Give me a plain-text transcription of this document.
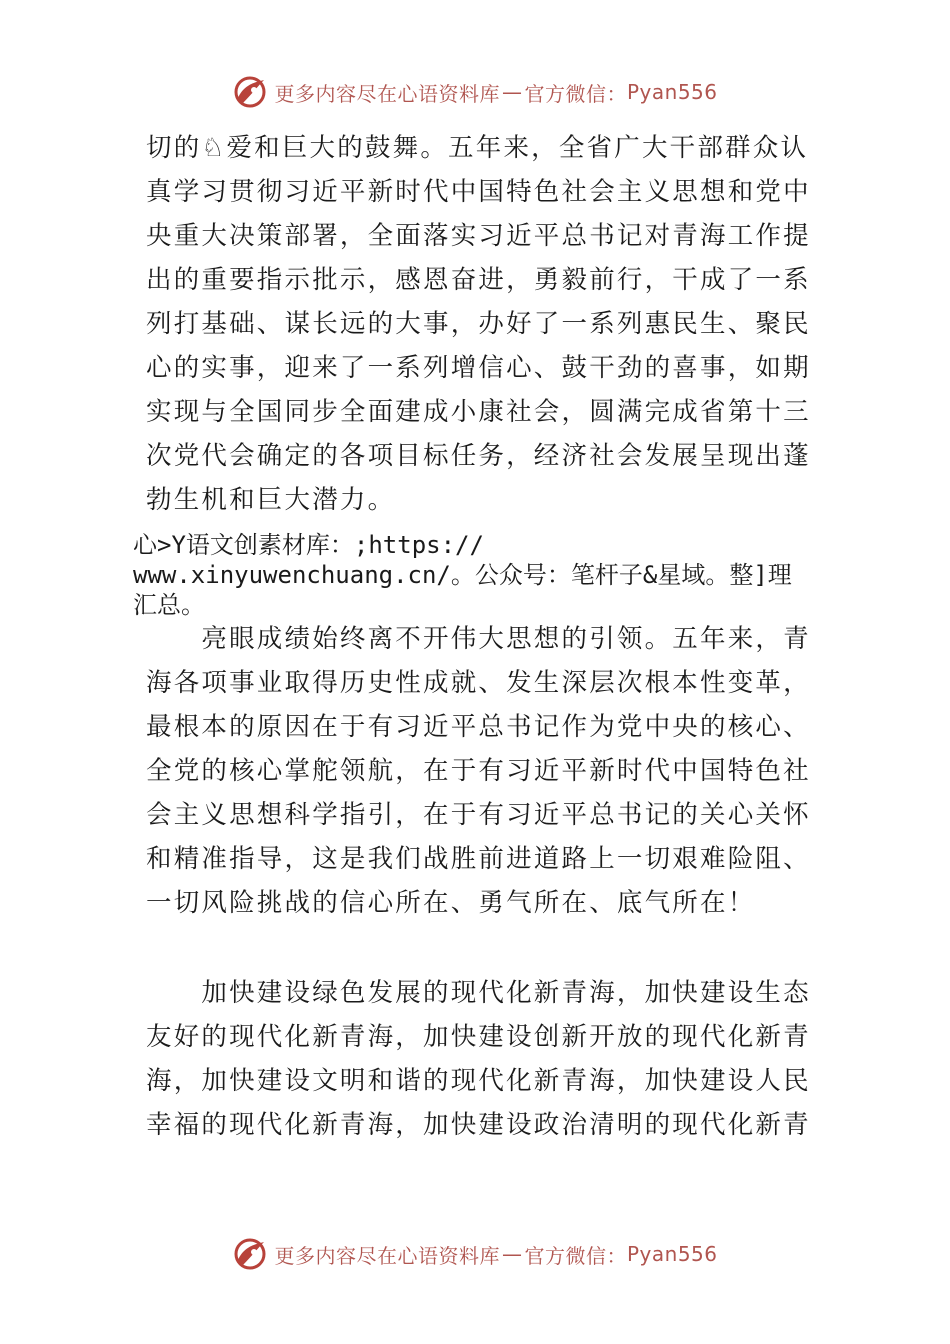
更多内容尽在心语资料库 — 官方微信： Pyan556
切的♘爱和巨大的鼓舞。五年来，全省广大干部群众认
真学习贯彻习近平新时代中国特色社会主义思想和党中
央重大决策部署，全面落实习近平总书记对青海工作提
出的重要指示批示，感恩奋进，勇毅前行，干成了一系
列打基础、谋长远的大事，办好了一系列惠民生、聚民
心的实事，迎来了一系列增信心、鼓干劲的喜事，如期
实现与全国同步全面建成小康社会，圆满完成省第十三
次党代会确定的各项目标任务，经济社会发展呈现出蓬
勃生机和巨大潜力。
心>Y语文创素材库：;https://
www.xinyuwenchuang.cn/。公众号：笔杆子&星域。整]理
汇总。
　　亮眼成绩始终离不开伟大思想的引领。五年来，青
海各项事业取得历史性成就、发生深层次根本性变革，
最根本的原因在于有习近平总书记作为党中央的核心、
全党的核心掌舵领航，在于有习近平新时代中国特色社
会主义思想科学指引，在于有习近平总书记的关心关怀
和精准指导，这是我们战胜前进道路上一切艰难险阻、
一切风险挑战的信心所在、勇气所在、底气所在！
　　加快建设绿色发展的现代化新青海，加快建设生态
友好的现代化新青海，加快建设创新开放的现代化新青
海，加快建设文明和谐的现代化新青海，加快建设人民
幸福的现代化新青海，加快建设政治清明的现代化新青
更多内容尽在心语资料库 — 官方微信： Pyan556
